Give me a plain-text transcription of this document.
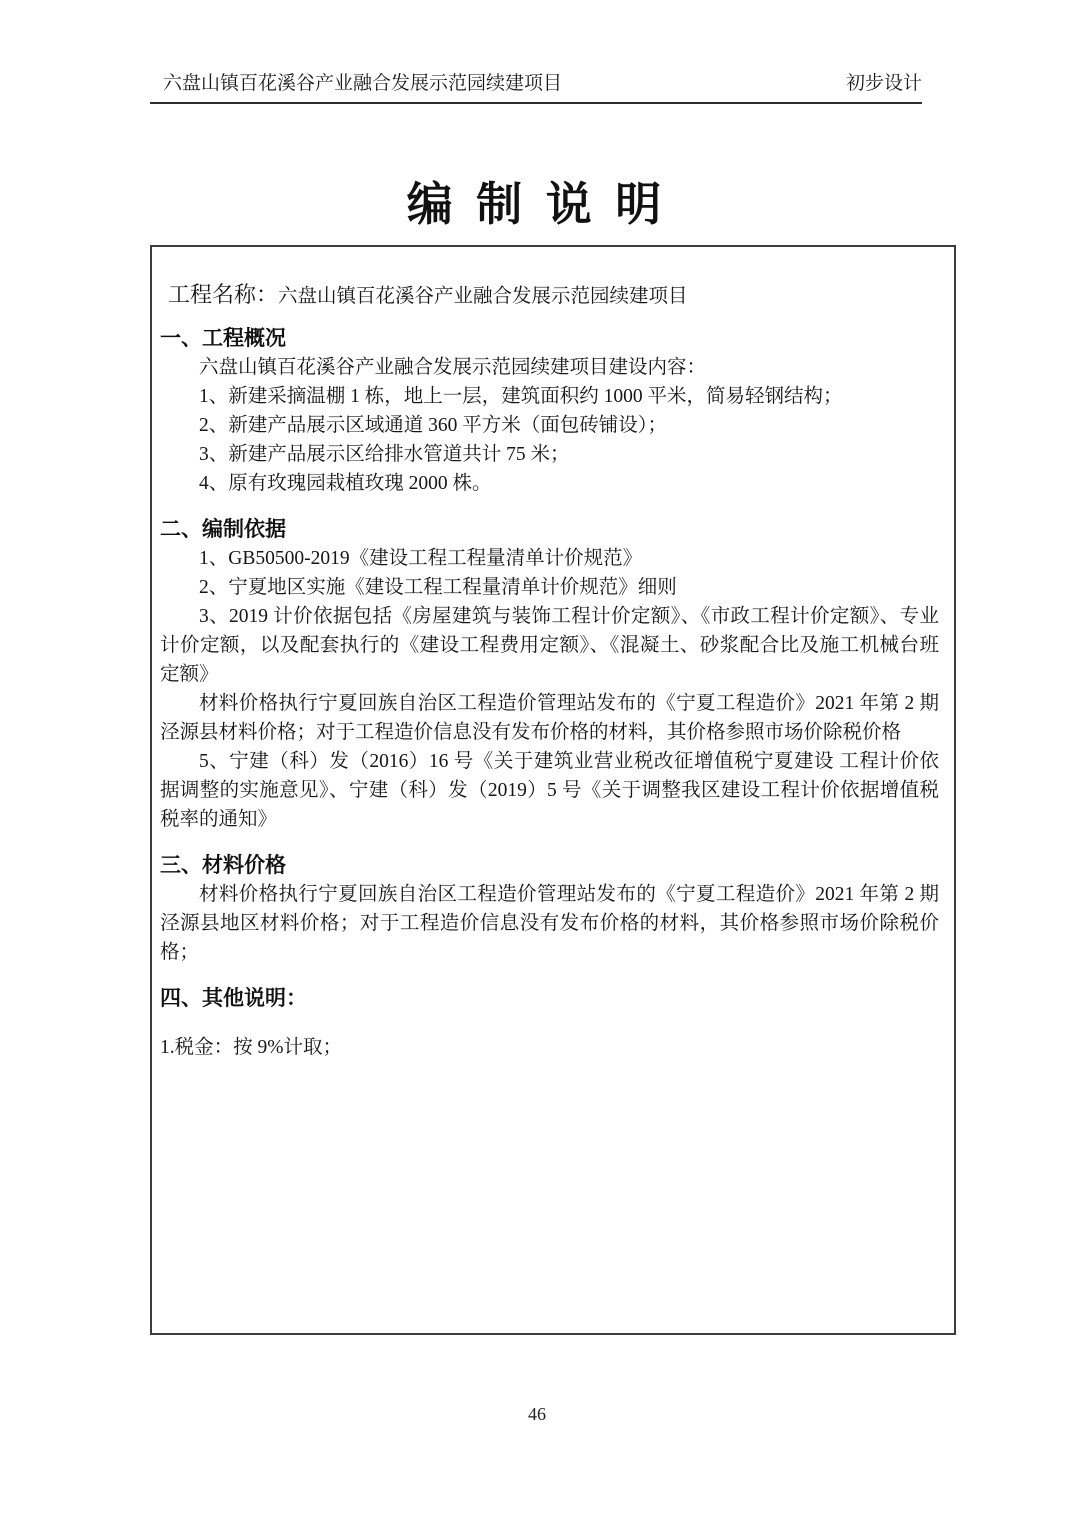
六盘山镇百花溪谷产业融合发展示范园续建项目	初步设计
编 制 说 明

工程名称：六盘山镇百花溪谷产业融合发展示范园续建项目

一、工程概况

六盘山镇百花溪谷产业融合发展示范园续建项目建设内容：

1、新建采摘温棚 1 栋，地上一层，建筑面积约 1000 平米，简易轻钢结构；

2、新建产品展示区域通道 360 平方米（面包砖铺设）；

3、新建产品展示区给排水管道共计 75 米；

4、原有玫瑰园栽植玫瑰 2000 株。

二、编制依据

1、GB50500-2019《建设工程工程量清单计价规范》

2、宁夏地区实施《建设工程工程量清单计价规范》细则

3、2019 计价依据包括《房屋建筑与装饰工程计价定额》、《市政工程计价定额》、专业计价定额，以及配套执行的《建设工程费用定额》、《混凝土、砂浆配合比及施工机械台班定额》

材料价格执行宁夏回族自治区工程造价管理站发布的《宁夏工程造价》2021 年第 2 期泾源县材料价格；对于工程造价信息没有发布价格的材料，其价格参照市场价除税价格

5、宁建（科）发（2016）16 号《关于建筑业营业税改征增值税宁夏建设 工程计价依据调整的实施意见》、宁建（科）发（2019）5 号《关于调整我区建设工程计价依据增值税税率的通知》

三、材料价格

材料价格执行宁夏回族自治区工程造价管理站发布的《宁夏工程造价》2021 年第 2 期泾源县地区材料价格；对于工程造价信息没有发布价格的材料，其价格参照市场价除税价格；

四、其他说明：

1.税金：按 9%计取；

46
